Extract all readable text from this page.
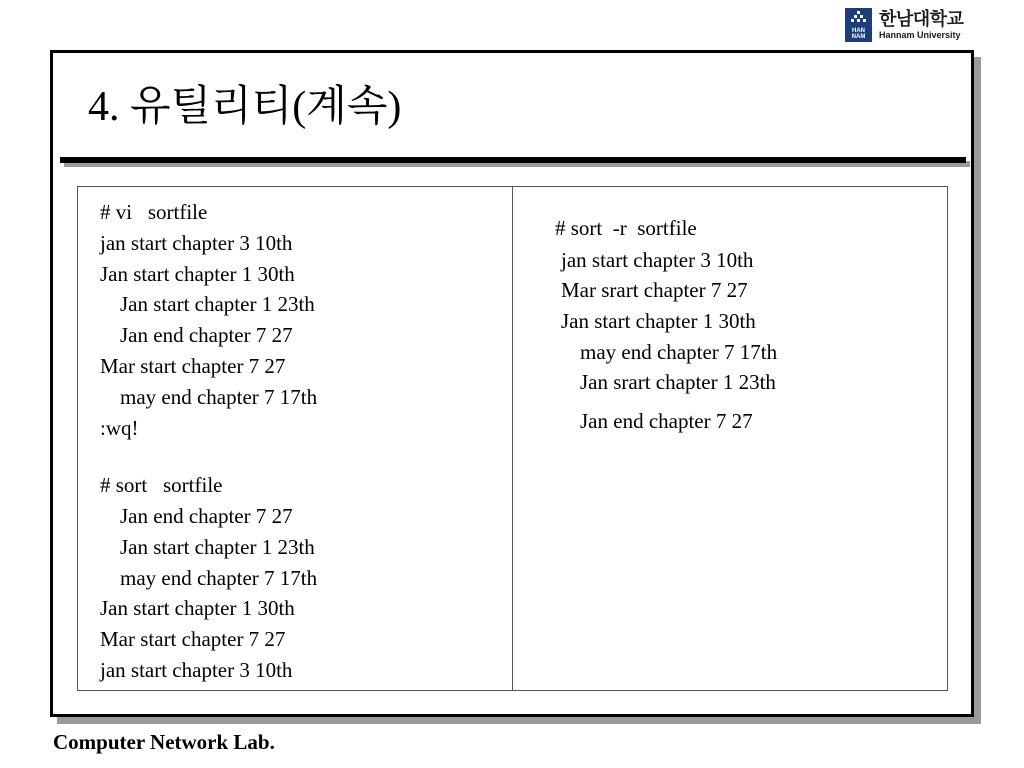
HAN
NAM
한남대학교
Hannam University
4. 유틸리티(계속)
# vi   sortfile
jan start chapter 3 10th
Jan start chapter 1 30th
Jan start chapter 1 23th
Jan end chapter 7 27
Mar start chapter 7 27
may end chapter 7 17th
:wq!
# sort   sortfile
Jan end chapter 7 27
Jan start chapter 1 23th
may end chapter 7 17th
Jan start chapter 1 30th
Mar start chapter 7 27
jan start chapter 3 10th
# sort  -r  sortfile
jan start chapter 3 10th
Mar srart chapter 7 27
Jan start chapter 1 30th
may end chapter 7 17th
Jan srart chapter 1 23th
Jan end chapter 7 27
Computer Network Lab.
